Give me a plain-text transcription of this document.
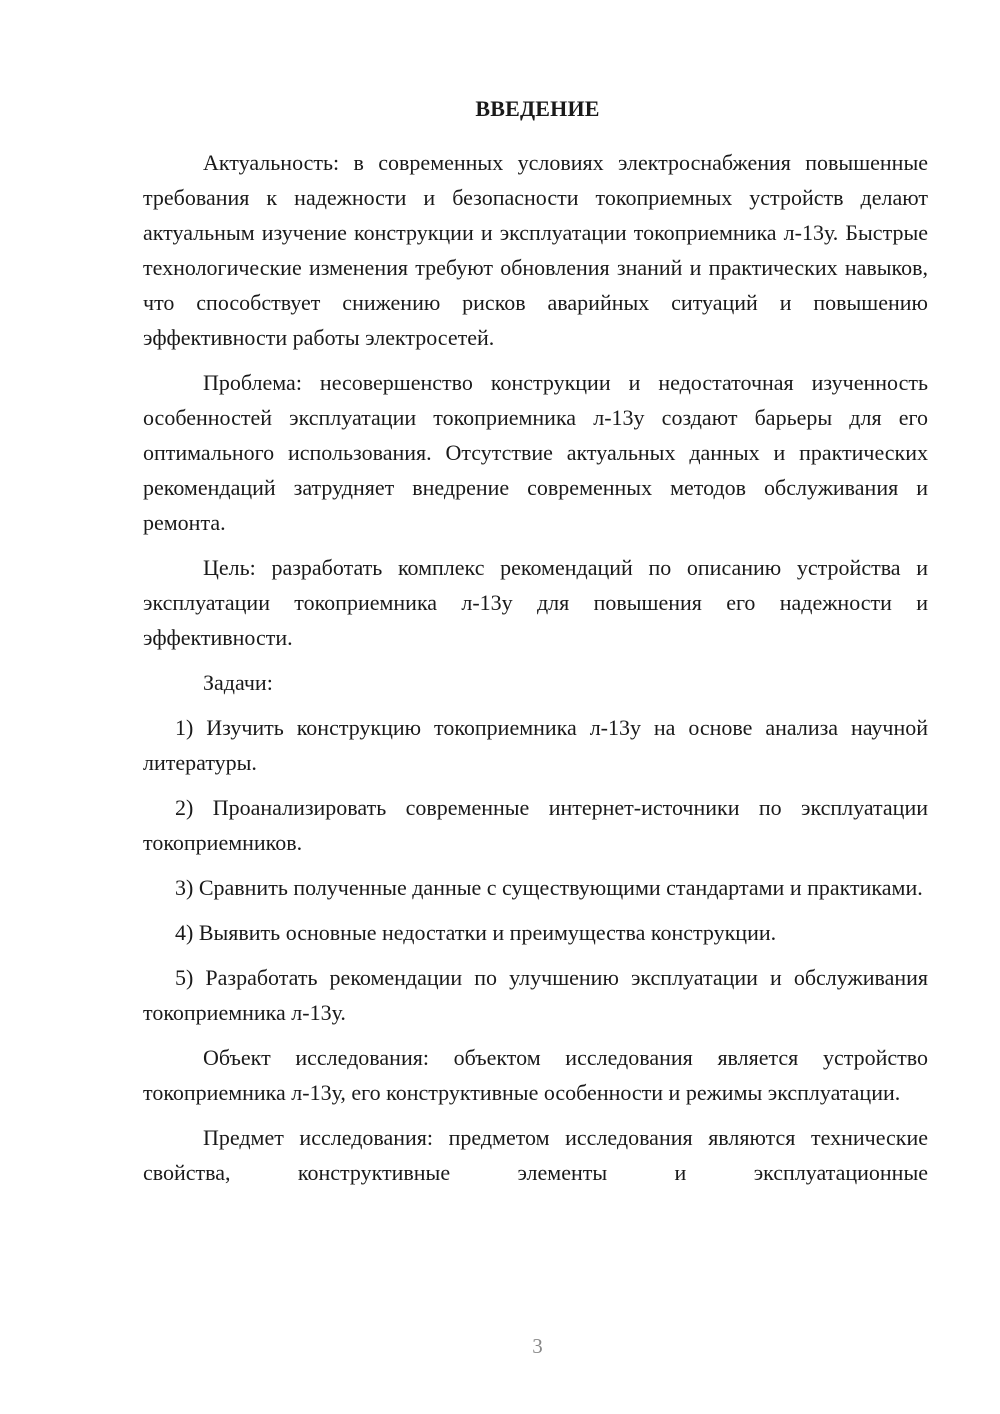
ВВЕДЕНИЕ

Актуальность: в современных условиях электроснабжения повышенные требования к надежности и безопасности токоприемных устройств делают актуальным изучение конструкции и эксплуатации токоприемника л-13у. Быстрые технологические изменения требуют обновления знаний и практических навыков, что способствует снижению рисков аварийных ситуаций и повышению эффективности работы электросетей.

Проблема: несовершенство конструкции и недостаточная изученность особенностей эксплуатации токоприемника л-13у создают барьеры для его оптимального использования. Отсутствие актуальных данных и практических рекомендаций затрудняет внедрение современных методов обслуживания и ремонта.

Цель: разработать комплекс рекомендаций по описанию устройства и эксплуатации токоприемника л-13у для повышения его надежности и эффективности.

Задачи:

1) Изучить конструкцию токоприемника л-13у на основе анализа научной литературы.

2) Проанализировать современные интернет-источники по эксплуатации токоприемников.

3) Сравнить полученные данные с существующими стандартами и практиками.

4) Выявить основные недостатки и преимущества конструкции.

5) Разработать рекомендации по улучшению эксплуатации и обслуживания токоприемника л-13у.

Объект исследования: объектом исследования является устройство токоприемника л-13у, его конструктивные особенности и режимы эксплуатации.

Предмет исследования: предметом исследования являются технические свойства, конструктивные элементы и эксплуатационные

3
